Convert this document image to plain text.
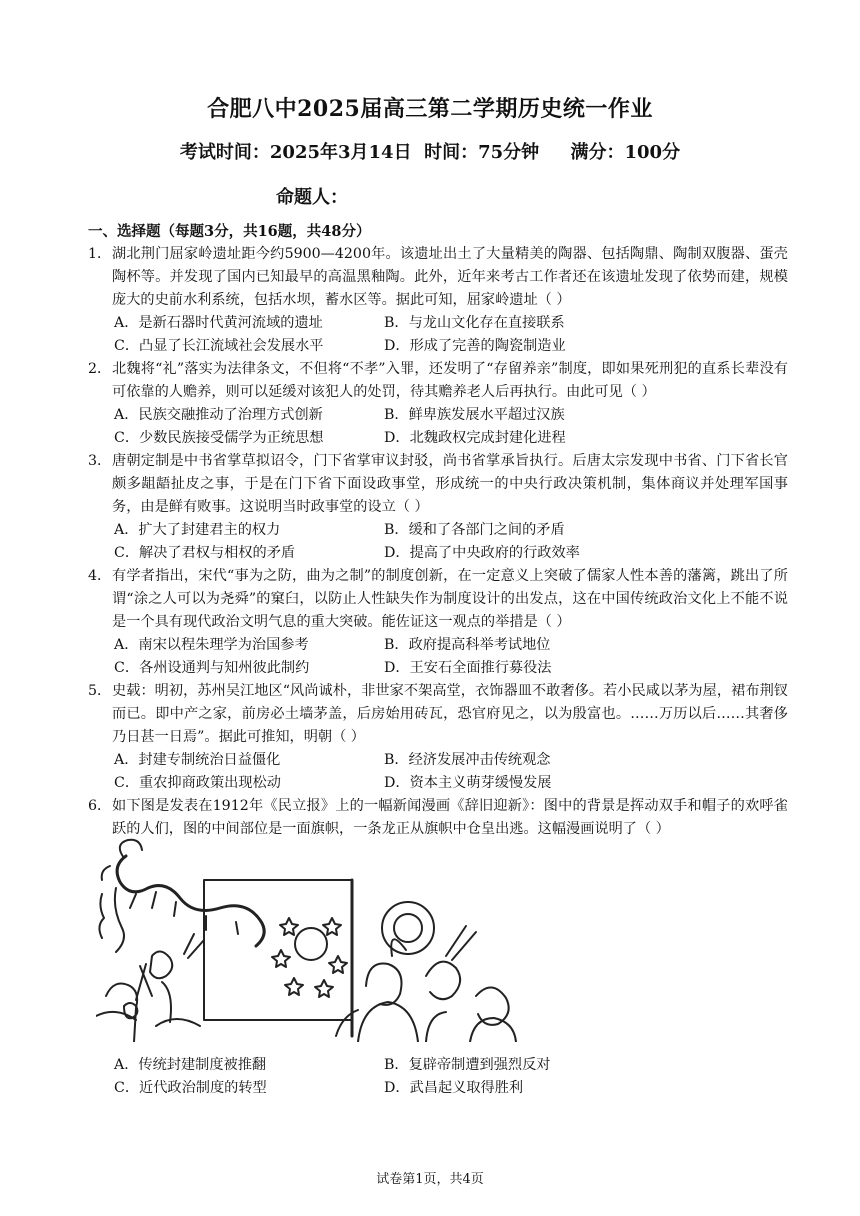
合肥八中2025届高三第二学期历史统一作业
考试时间：2025年3月14日  时间：75分钟     满分：100分
命题人：
一、选择题（每题3分，共16题，共48分）
1． 湖北荆门屈家岭遗址距今约5900—4200年。该遗址出土了大量精美的陶器、包括陶鼎、陶制双腹器、蛋壳陶杯等。并发现了国内已知最早的高温黑釉陶。此外，近年来考古工作者还在该遗址发现了依势而建，规模庞大的史前水利系统，包括水坝，蓄水区等。据此可知，屈家岭遗址（ ）
A．是新石器时代黄河流域的遗址	B．与龙山文化存在直接联系
C．凸显了长江流域社会发展水平	D．形成了完善的陶瓷制造业
2． 北魏将“礼”落实为法律条文，不但将“不孝”入罪，还发明了“存留养亲”制度，即如果死刑犯的直系长辈没有可依靠的人赡养，则可以延缓对该犯人的处罚，待其赡养老人后再执行。由此可见（ ）
A．民族交融推动了治理方式创新	B．鲜卑族发展水平超过汉族
C．少数民族接受儒学为正统思想	D．北魏政权完成封建化进程
3． 唐朝定制是中书省掌草拟诏令，门下省掌审议封驳，尚书省掌承旨执行。后唐太宗发现中书省、门下省长官颇多龃龉扯皮之事，于是在门下省下面设政事堂，形成统一的中央行政决策机制，集体商议并处理军国事务，由是鲜有败事。这说明当时政事堂的设立（ ）
A．扩大了封建君主的权力	B．缓和了各部门之间的矛盾
C．解决了君权与相权的矛盾	D．提高了中央政府的行政效率
4． 有学者指出，宋代“事为之防，曲为之制”的制度创新，在一定意义上突破了儒家人性本善的藩篱，跳出了所谓“涂之人可以为尧舜”的窠臼，以防止人性缺失作为制度设计的出发点，这在中国传统政治文化上不能不说是一个具有现代政治文明气息的重大突破。能佐证这一观点的举措是（ ）
A．南宋以程朱理学为治国参考	B．政府提高科举考试地位
C．各州设通判与知州彼此制约	D．王安石全面推行募役法
5． 史载：明初，苏州吴江地区“风尚诚朴，非世家不架高堂，衣饰器皿不敢奢侈。若小民咸以茅为屋，裙布荆钗而已。即中产之家，前房必土墙茅盖，后房始用砖瓦，恐官府见之，以为殷富也。……万历以后……其奢侈乃日甚一日焉”。据此可推知，明朝（ ）
A．封建专制统治日益僵化	B．经济发展冲击传统观念
C．重农抑商政策出现松动	D．资本主义萌芽缓慢发展
6． 如下图是发表在1912年《民立报》上的一幅新闻漫画《辞旧迎新》：图中的背景是挥动双手和帽子的欢呼雀跃的人们，图的中间部位是一面旗帜，一条龙正从旗帜中仓皇出逃。这幅漫画说明了（ ）
A．传统封建制度被推翻	B．复辟帝制遭到强烈反对
C．近代政治制度的转型	D．武昌起义取得胜利
试卷第1页，共4页
